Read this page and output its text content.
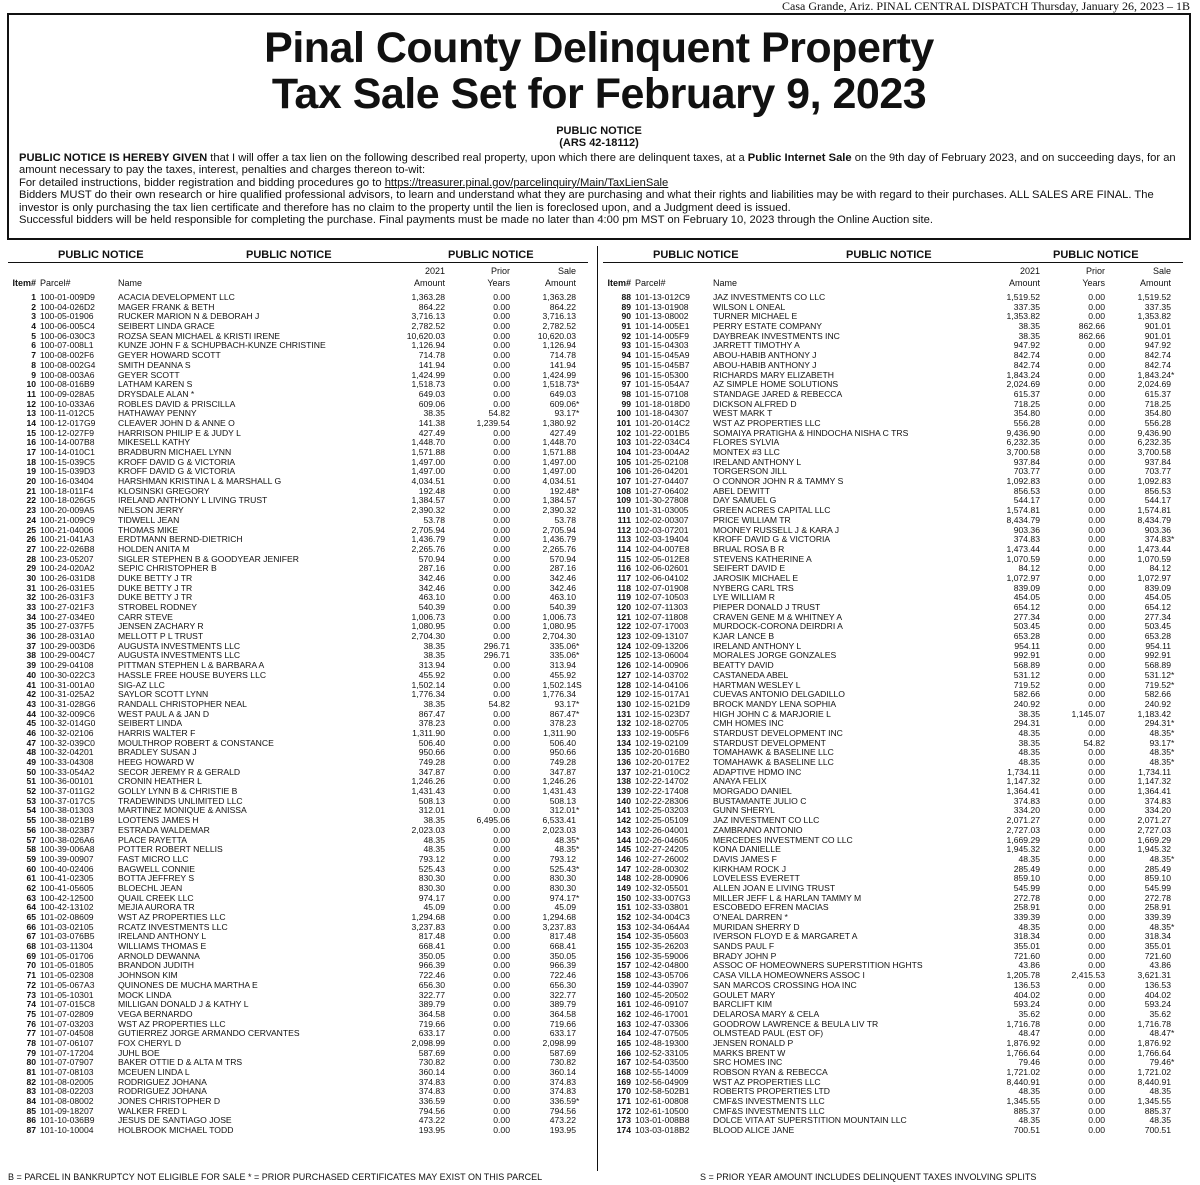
Casa Grande, Ariz. PINAL CENTRAL DISPATCH Thursday, January 26, 2023 – 1B
Pinal County Delinquent Property
Tax Sale Set for February 9, 2023
PUBLIC NOTICE
(ARS 42-18112)

PUBLIC NOTICE IS HEREBY GIVEN that I will offer a tax lien on the following described real property, upon which there are delinquent taxes, at a Public Internet Sale on the 9th day of February 2023, and on succeeding days, for an amount necessary to pay the taxes, interest, penalties and charges thereon to-wit:

For detailed instructions, bidder registration and bidding procedures go to https://treasurer.pinal.gov/parcelinquiry/Main/TaxLienSale

Bidders MUST do their own research or hire qualified professional advisors, to learn and understand what they are purchasing and what their rights and liabilities may be with regard to their purchases. ALL SALES ARE FINAL. The investor is only purchasing the tax lien certificate and therefore has no claim to the property until the lien is foreclosed upon, and a Judgment deed is issued.

Successful bidders will be held responsible for completing the purchase. Final payments must be made no later than 4:00 pm MST on February 10, 2023 through the Online Auction site.

PUBLIC NOTICE	PUBLIC NOTICE	PUBLIC NOTICE
2021	Prior	Sale
Item# Parcel#	Name	Amount	Years	Amount
1 100-01-009D9	ACACIA DEVELOPMENT LLC	1,363.28	0.00	1,363.28
2 100-04-026D2	MAGER FRANK & BETH	864.22	0.00	864.22
3 100-05-01906	RUCKER MARION N & DEBORAH J	3,716.13	0.00	3,716.13
4 100-06-005C4	SEIBERT LINDA GRACE	2,782.52	0.00	2,782.52
5 100-06-030C3	ROZSA SEAN MICHAEL & KRISTI IRENE	10,620.03	0.00	10,620.03
6 100-07-008L1	KUNZE JOHN F & SCHUPBACH-KUNZE CHRISTINE	1,126.94	0.00	1,126.94
7 100-08-002F6	GEYER HOWARD SCOTT	714.78	0.00	714.78
8 100-08-002G4	SMITH DEANNA S	141.94	0.00	141.94
9 100-08-003A6	GEYER SCOTT	1,424.99	0.00	1,424.99
10 100-08-016B9	LATHAM KAREN S	1,518.73	0.00	1,518.73 *
11 100-09-028A5	DRYSDALE ALAN *	649.03	0.00	649.03
12 100-10-033A6	ROBLES DAVID & PRISCILLA	609.06	0.00	609.06 *
13 100-11-012C5	HATHAWAY PENNY	38.35	54.82	93.17 *
14 100-12-017G9	CLEAVER JOHN D & ANNE O	141.38	1,239.54	1,380.92
15 100-12-027F9	HARRISON PHILIP E & JUDY L	427.49	0.00	427.49
16 100-14-007B8	MIKESELL KATHY	1,448.70	0.00	1,448.70
17 100-14-010C1	BRADBURN MICHAEL LYNN	1,571.88	0.00	1,571.88
18 100-15-039C5	KROFF DAVID G & VICTORIA	1,497.00	0.00	1,497.00
19 100-15-039D3	KROFF DAVID G & VICTORIA	1,497.00	0.00	1,497.00
20 100-16-03404	HARSHMAN KRISTINA L & MARSHALL G	4,034.51	0.00	4,034.51
21 100-18-011F4	KLOSINSKI GREGORY	192.48	0.00	192.48 *
22 100-18-026G5	IRELAND ANTHONY L LIVING TRUST	1,384.57	0.00	1,384.57
23 100-20-009A5	NELSON JERRY	2,390.32	0.00	2,390.32
24 100-21-009C9	TIDWELL JEAN	53.78	0.00	53.78
25 100-21-04006	THOMAS MIKE	2,705.94	0.00	2,705.94
26 100-21-041A3	ERDTMANN BERND-DIETRICH	1,436.79	0.00	1,436.79
27 100-22-026B8	HOLDEN ANITA M	2,265.76	0.00	2,265.76
28 100-23-05207	SIGLER STEPHEN B & GOODYEAR JENIFER	570.94	0.00	570.94
29 100-24-020A2	SEPIC CHRISTOPHER B	287.16	0.00	287.16
30 100-26-031D8	DUKE BETTY J TR	342.46	0.00	342.46
31 100-26-031E5	DUKE BETTY J TR	342.46	0.00	342.46
32 100-26-031F3	DUKE BETTY J TR	463.10	0.00	463.10
33 100-27-021F3	STROBEL RODNEY	540.39	0.00	540.39
34 100-27-034E0	CARR STEVE	1,006.73	0.00	1,006.73
35 100-27-037F5	JENSEN ZACHARY R	1,080.95	0.00	1,080.95
36 100-28-031A0	MELLOTT P L TRUST	2,704.30	0.00	2,704.30
37 100-29-003D6	AUGUSTA INVESTMENTS LLC	38.35	296.71	335.06 *
38 100-29-004C7	AUGUSTA INVESTMENTS LLC	38.35	296.71	335.06 *
39 100-29-04108	PITTMAN STEPHEN L & BARBARA A	313.94	0.00	313.94
40 100-30-022C3	HASSLE FREE HOUSE BUYERS LLC	455.92	0.00	455.92
41 100-31-001A0	SIG-AZ LLC	1,502.14	0.00	1,502.14 S
42 100-31-025A2	SAYLOR SCOTT LYNN	1,776.34	0.00	1,776.34
43 100-31-028G6	RANDALL CHRISTOPHER NEAL	38.35	54.82	93.17 *
44 100-32-009C6	WEST PAUL A & JAN D	867.47	0.00	867.47 *
45 100-32-014G0	SEIBERT LINDA	378.23	0.00	378.23
46 100-32-02106	HARRIS WALTER F	1,311.90	0.00	1,311.90
47 100-32-039C0	MOULTHROP ROBERT & CONSTANCE	506.40	0.00	506.40
48 100-32-04201	BRADLEY SUSAN J	950.66	0.00	950.66
49 100-33-04308	HEEG HOWARD W	749.28	0.00	749.28
50 100-33-054A2	SECOR JEREMY R & GERALD	347.87	0.00	347.87
51 100-36-00101	CRONIN HEATHER L	1,246.26	0.00	1,246.26
52 100-37-011G2	GOLLY LYNN B & CHRISTIE B	1,431.43	0.00	1,431.43
53 100-37-017C5	TRADEWINDS UNLIMITED LLC	508.13	0.00	508.13
54 100-38-01303	MARTINEZ MONIQUE & ANISSA	312.01	0.00	312.01 *
55 100-38-021B9	LOOTENS JAMES H	38.35	6,495.06	6,533.41
56 100-38-023B7	ESTRADA WALDEMAR	2,023.03	0.00	2,023.03
57 100-38-026A6	PLACE RAYETTA	48.35	0.00	48.35 *
58 100-39-006A8	POTTER ROBERT NELLIS	48.35	0.00	48.35 *
59 100-39-00907	FAST MICRO LLC	793.12	0.00	793.12
60 100-40-02406	BAGWELL CONNIE	525.43	0.00	525.43 *
61 100-41-02305	BOTTA JEFFREY S	830.30	0.00	830.30
62 100-41-05605	BLOECHL JEAN	830.30	0.00	830.30
63 100-42-12500	QUAIL CREEK LLC	974.17	0.00	974.17 *
64 100-42-13102	MEJIA AURORA TR	45.09	0.00	45.09
65 101-02-08609	WST AZ PROPERTIES LLC	1,294.68	0.00	1,294.68
66 101-03-02105	RCATZ INVESTMENTS LLC	3,237.83	0.00	3,237.83
67 101-03-076B5	IRELAND ANTHONY L	817.48	0.00	817.48
68 101-03-11304	WILLIAMS THOMAS E	668.41	0.00	668.41
69 101-05-01706	ARNOLD DEWANNA	350.05	0.00	350.05
70 101-05-01805	BRANDON JUDITH	966.39	0.00	966.39
71 101-05-02308	JOHNSON KIM	722.46	0.00	722.46
72 101-05-067A3	QUINONES DE MUCHA MARTHA E	656.30	0.00	656.30
73 101-05-10301	MOCK LINDA	322.77	0.00	322.77
74 101-07-015C8	MILLIGAN DONALD J & KATHY L	389.79	0.00	389.79
75 101-07-02809	VEGA BERNARDO	364.58	0.00	364.58
76 101-07-03203	WST AZ PROPERTIES LLC	719.66	0.00	719.66
77 101-07-04508	GUTIERREZ JORGE ARMANDO CERVANTES	633.17	0.00	633.17
78 101-07-06107	FOX CHERYL D	2,098.99	0.00	2,098.99
79 101-07-17204	JUHL BOE	587.69	0.00	587.69
80 101-07-07907	BAKER OTTIE D & ALTA M TRS	730.82	0.00	730.82
81 101-07-08103	MCEUEN LINDA L	360.14	0.00	360.14
82 101-08-02005	RODRIGUEZ JOHANA	374.83	0.00	374.83
83 101-08-02203	RODRIGUEZ JOHANA	374.83	0.00	374.83
84 101-08-08002	JONES CHRISTOPHER D	336.59	0.00	336.59 *
85 101-09-18207	WALKER FRED L	794.56	0.00	794.56
86 101-10-036B9	JESUS DE SANTIAGO JOSE	473.22	0.00	473.22
87 101-10-10004	HOLBROOK MICHAEL TODD	193.95	0.00	193.95
PUBLIC NOTICE	PUBLIC NOTICE	PUBLIC NOTICE
2021	Prior	Sale
Item# Parcel#	Name	Amount	Years	Amount
88 101-13-012C9	JAZ INVESTMENTS CO LLC	1,519.52	0.00	1,519.52
89 101-13-01908	WILSON L ONEAL	337.35	0.00	337.35
90 101-13-08002	TURNER MICHAEL E	1,353.82	0.00	1,353.82
91 101-14-005E1	PERRY ESTATE COMPANY	38.35	862.66	901.01
92 101-14-005F9	DAYBREAK INVESTMENTS INC	38.35	862.66	901.01
93 101-15-04303	JARRETT TIMOTHY A	947.92	0.00	947.92
94 101-15-045A9	ABOU-HABIB ANTHONY J	842.74	0.00	842.74
95 101-15-045B7	ABOU-HABIB ANTHONY J	842.74	0.00	842.74
96 101-15-05300	RICHARDS MARY ELIZABETH	1,843.24	0.00	1,843.24 *
97 101-15-054A7	AZ SIMPLE HOME SOLUTIONS	2,024.69	0.00	2,024.69
98 101-15-07108	STANDAGE JARED & REBECCA	615.37	0.00	615.37
99 101-18-018D0	DICKSON ALFRED D	718.25	0.00	718.25
100 101-18-04307	WEST MARK T	354.80	0.00	354.80
101 101-20-014C2	WST AZ PROPERTIES LLC	556.28	0.00	556.28
102 101-22-001B5	SOMAIYA PRATIGHA & HINDOCHA NISHA C TRS	9,436.90	0.00	9,436.90
103 101-22-034C4	FLORES SYLVIA	6,232.35	0.00	6,232.35
104 101-23-004A2	MONTEX #3 LLC	3,700.58	0.00	3,700.58
105 101-25-02108	IRELAND ANTHONY L	937.84	0.00	937.84
106 101-26-04201	TORGERSON JILL	703.77	0.00	703.77
107 101-27-04407	O CONNOR JOHN R & TAMMY S	1,092.83	0.00	1,092.83
108 101-27-06402	ABEL DEWITT	856.53	0.00	856.53
109 101-30-27808	DAY SAMUEL G	544.17	0.00	544.17
110 101-31-03005	GREEN ACRES CAPITAL LLC	1,574.81	0.00	1,574.81
111 102-02-00307	PRICE WILLIAM TR	8,434.79	0.00	8,434.79
112 102-03-07201	MOONEY RUSSELL J & KARA J	903.36	0.00	903.36
113 102-03-19404	KROFF DAVID G & VICTORIA	374.83	0.00	374.83 *
114 102-04-007E8	BRUAL ROSA B R	1,473.44	0.00	1,473.44
115 102-05-012E8	STEVENS KATHERINE A	1,070.59	0.00	1,070.59
116 102-06-02601	SEIFERT DAVID E	84.12	0.00	84.12
117 102-06-04102	JAROSIK MICHAEL E	1,072.97	0.00	1,072.97
118 102-07-01908	NYBERG CARL TRS	839.09	0.00	839.09
119 102-07-10503	LYE WILLIAM R	454.05	0.00	454.05
120 102-07-11303	PIEPER DONALD J TRUST	654.12	0.00	654.12
121 102-07-11808	CRAVEN GENE M & WHITNEY A	277.34	0.00	277.34
122 102-07-17003	MURDOCK-CORONA DEIRDRI A	503.45	0.00	503.45
123 102-09-13107	KJAR LANCE B	653.28	0.00	653.28
124 102-09-13206	IRELAND ANTHONY L	954.11	0.00	954.11
125 102-13-06004	MORALES JORGE GONZALES	992.91	0.00	992.91
126 102-14-00906	BEATTY DAVID	568.89	0.00	568.89
127 102-14-03702	CASTANEDA ABEL	531.12	0.00	531.12 *
128 102-14-04106	HARTMAN WESLEY L	719.52	0.00	719.52 *
129 102-15-017A1	CUEVAS ANTONIO DELGADILLO	582.66	0.00	582.66
130 102-15-021D9	BROCK MANDY LENA SOPHIA	240.92	0.00	240.92
131 102-15-023D7	HIGH JOHN C & MARJORIE L	38.35	1,145.07	1,183.42
132 102-18-02705	CMH HOMES INC	294.31	0.00	294.31 *
133 102-19-005F6	STARDUST DEVELOPMENT INC	48.35	0.00	48.35 *
134 102-19-02109	STARDUST DEVELOPMENT	38.35	54.82	93.17 *
135 102-20-016B0	TOMAHAWK & BASELINE LLC	48.35	0.00	48.35 *
136 102-20-017E2	TOMAHAWK & BASELINE LLC	48.35	0.00	48.35 *
137 102-21-010C2	ADAPTIVE HDMO INC	1,734.11	0.00	1,734.11
138 102-22-14702	ANAYA FELIX	1,147.32	0.00	1,147.32
139 102-22-17408	MORGADO DANIEL	1,364.41	0.00	1,364.41
140 102-22-28306	BUSTAMANTE JULIO C	374.83	0.00	374.83
141 102-25-03203	GUNN SHERYL	334.20	0.00	334.20
142 102-25-05109	JAZ INVESTMENT CO LLC	2,071.27	0.00	2,071.27
143 102-26-04001	ZAMBRANO ANTONIO	2,727.03	0.00	2,727.03
144 102-26-04605	MERCEDES INVESTMENT CO LLC	1,669.29	0.00	1,669.29
145 102-27-24205	KONA DANIELLE	1,945.32	0.00	1,945.32
146 102-27-26002	DAVIS JAMES F	48.35	0.00	48.35 *
147 102-28-00302	KIRKHAM ROCK J	285.49	0.00	285.49
148 102-28-00906	LOVELESS EVERETT	859.10	0.00	859.10
149 102-32-05501	ALLEN JOAN E LIVING TRUST	545.99	0.00	545.99
150 102-33-007G3	MILLER JEFF L & HARLAN TAMMY M	272.78	0.00	272.78
151 102-33-03801	ESCOBEDO EFREN MACIAS	258.91	0.00	258.91
152 102-34-004C3	O'NEAL DARREN *	339.39	0.00	339.39
153 102-34-064A4	MURIDAN SHERRY D	48.35	0.00	48.35 *
154 102-35-05603	IVERSON FLOYD E & MARGARET A	318.34	0.00	318.34
155 102-35-26203	SANDS PAUL F	355.01	0.00	355.01
156 102-35-59006	BRADY JOHN P	721.60	0.00	721.60
157 102-42-04800	ASSOC OF HOMEOWNERS SUPERSTITION HGHTS	43.86	0.00	43.86
158 102-43-05706	CASA VILLA HOMEOWNERS ASSOC I	1,205.78	2,415.53	3,621.31
159 102-44-03907	SAN MARCOS CROSSING HOA INC	136.53	0.00	136.53
160 102-45-20502	GOULET MARY	404.02	0.00	404.02
161 102-46-09107	BARCLIFT KIM	593.24	0.00	593.24
162 102-46-17001	DELAROSA MARY & CELA	35.62	0.00	35.62
163 102-47-03306	GOODROW LAWRENCE & BEULA LIV TR	1,716.78	0.00	1,716.78
164 102-47-07505	OLMSTEAD PAUL (EST OF)	48.47	0.00	48.47 *
165 102-48-19300	JENSEN RONALD P	1,876.92	0.00	1,876.92
166 102-52-33105	MARKS BRENT W	1,766.64	0.00	1,766.64
167 102-54-03500	SRC HOMES INC	79.46	0.00	79.46 *
168 102-55-14009	ROBSON RYAN & REBECCA	1,721.02	0.00	1,721.02
169 102-56-04909	WST AZ PROPERTIES LLC	8,440.91	0.00	8,440.91
170 102-58-502B1	ROBERTS PROPERTIES LTD	48.35	0.00	48.35
171 102-61-00808	CMF&S INVESTMENTS LLC	1,345.55	0.00	1,345.55
172 102-61-10500	CMF&S INVESTMENTS LLC	885.37	0.00	885.37
173 103-01-008B8	DOLCE VITA AT SUPERSTITION MOUNTAIN LLC	48.35	0.00	48.35
174 103-03-018B2	BLOOD ALICE JANE	700.51	0.00	700.51
B = PARCEL IN BANKRUPTCY NOT ELIGIBLE FOR SALE * = PRIOR PURCHASED CERTIFICATES MAY EXIST ON THIS PARCEL	S = PRIOR YEAR AMOUNT INCLUDES DELINQUENT TAXES INVOLVING SPLITS
